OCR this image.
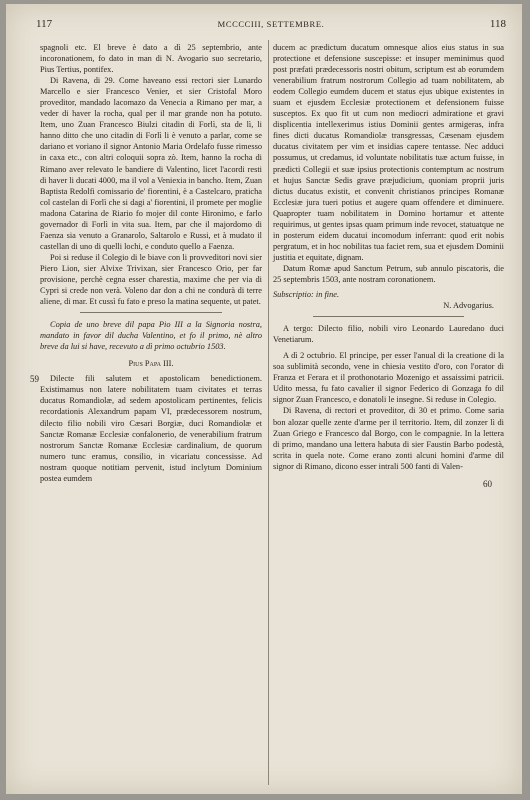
117	MCCCCIII, SETTEMBRE.	118
59
60

spagnoli etc. El breve è dato a dì 25 septembrio, ante incoronationem, fo dato in man di N. Avogario suo secretario, Pius Tertius, pontifex.

Di Ravena, di 29. Come haveano essi rectori sier Lunardo Marcello e sier Francesco Venier, et sier Cristofal Moro proveditor, mandado lacomazo da Venecia a Rimano per mar, a veder di haver la rocha, qual per il mar grande non ha potuto. Item, uno Zuan Francesco Biulzi citadin di Forlì, sta de lì, li hanno ditto che uno citadin di Forlì li è venuto a parlar, come se dariano et voriano il signor Antonio Maria Ordelafo fusse rimesso in caxa etc., con altri coloquii sopra zò. Item, hanno la rocha di Rimano aver relevato le bandiere di Valentino, licet l'acordi resti di haver li ducati 4000, ma il vol a Veniexia in bancho. Item, Zuan Baptista Redolfi comissario de' fiorentini, è a Castelcaro, praticha col castelan di Forlì che si dagi a' fiorentini, il promete per moglie madona Catarina de Riario fo mojer dil conte Hironimo, e farlo governador di Forlì in vita sua. Item, par che il majordomo di Faenza sia venuto a Granarolo, Saltarolo e Russi, et à mudato il castellan di uno di quelli lochi, e conduto quello a Faenza.

Poi si reduse il Colegio di le biave con li provveditori novi sier Piero Lion, sier Alvixe Trivixan, sier Francesco Orio, per far provisione, perchè cegna esser charestia, maxime che per via di Cypri si crede non verà. Voleno dar don a chi ne condurà di terre aliene, di mar. Et cussì fu fato e preso la matina sequente, ut patet.

Copia de uno breve dil papa Pio III a la Signoria nostra, mandato in favor dil ducha Valentino, et fo il primo, nè altro breve da lui si have, recevuto a dì primo octubrio 1503.

Pius Papa III.

Dilecte fili salutem et apostolicam benedictionem. Existimamus non latere nobilitatem tuam civitates et terras ducatus Romandiolæ, ad sedem apostolicam pertinentes, felicis recordationis Alexandrum papam VI, prædecessorem nostrum, dilecto filio nobili viro Cæsari Borgiæ, duci Romandiolæ et Sanctæ Romanæ Ecclesiæ confalonerio, de venerabilium fratrum nostrorum Sanctæ Romanæ Ecclesiæ cardinalium, de quorum numero tunc eramus, consilio, in vicariatu concessisse. Ad nostram quoque notitiam pervenit, istud inclytum Dominium postea eumdem

ducem ac prædictum ducatum omnesque alios eius status in sua protectione et defensione suscepisse: et insuper meminimus quod post præfati prædecessoris nostri obitum, scriptum est ab eorumdem venerabilium fratrum nostrorum Collegio ad tuam nobilitatem, ab eodem Collegio eumdem ducem et status ejus ubique existentes in suam et ejusdem Ecclesiæ protectionem et defensionem fuisse susceptos. Ex quo fit ut cum non mediocri admiratione et gravi displicentia intellexerimus istius Dominii gentes armigeras, infra fines dicti ducatus Romandiolæ transgressas, Cæsenam ejusdem ducatus civitatem per vim et insidias capere tentasse. Nec adduci possumus, ut credamus, id voluntate nobilitatis tuæ actum fuisse, in prædicti Collegii et suæ ipsius protectionis contemptum ac nostrum et hujus Sanctæ Sedis grave præjudicium, quoniam proprii juris dictus ducatus existit, et convenit christianos principes Romanæ Ecclesiæ jura tueri potius et augere quam offendere et diminuere. Quapropter tuam nobilitatem in Domino hortamur et attente requirimus, ut gentes ipsas quam primum inde revocet, statuatque ne in posterum eidem ducatui incomodum inferrant: quod erit nobis pergratum, et in hoc nobilitas tua faciet rem, sua et ejusdem Dominii justitia et equitate, dignam.

Datum Romæ apud Sanctum Petrum, sub annulo piscatoris, die 25 septembris 1503, ante nostram coronationem.

Subscriptio: in fine.
N. Advogarius.

A tergo: Dilecto filio, nobili viro Leonardo Lauredano duci Venetiarum.

A dì 2 octubrio. El principe, per esser l'anual di la creatione di la soa sublimità secondo, vene in chiesia vestito d'oro, con l'orator di Franza et Ferara et il prothonotario Mozenigo et assaissimi patricii. Udito messa, fu fato cavalier il signor Federico di Gonzaga fo dil signor Zuan Francesco, e donatoli le insegne. Si reduse in Colegio.

Di Ravena, di rectori et proveditor, di 30 et primo. Come saria bon alozar quelle zente d'arme per il territorio. Item, dil zonzer lì di Zuan Griego e Francesco dal Borgo, con le compagnie. In la lettera di primo, mandano una lettera habuta di sier Faustin Barbo podestà, scrita in quela note. Come erano zonti alcuni homini d'arme dil signor di Rimano, dicono esser intrali 500 fanti di Valen-
